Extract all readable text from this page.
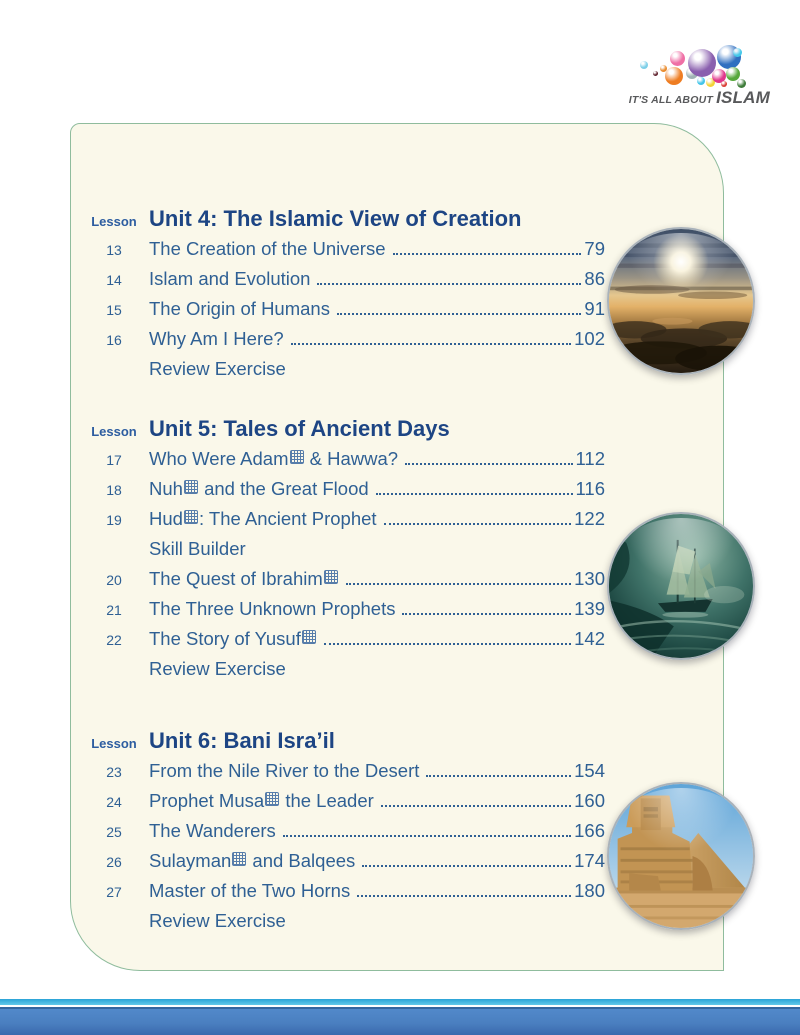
IT'S ALL ABOUT ISLAM
Lesson Unit 4: The Islamic View of Creation
13	The Creation of the Universe	79
14	Islam and Evolution	86
15	The Origin of Humans	91
16	Why Am I Here?	102
Review Exercise
Lesson Unit 5: Tales of Ancient Days
17	Who Were Adam & Hawwa?	112
18	Nuh and the Great Flood	116
19	Hud : The Ancient Prophet	122
Skill Builder
20	The Quest of Ibrahim	130
21	The Three Unknown Prophets	139
22	The Story of Yusuf	142
Review Exercise
Lesson Unit 6: Bani Isra’il
23	From the Nile River to the Desert	154
24	Prophet Musa the Leader	160
25	The Wanderers	166
26	Sulayman and Balqees	174
27	Master of the Two Horns	180
Review Exercise
